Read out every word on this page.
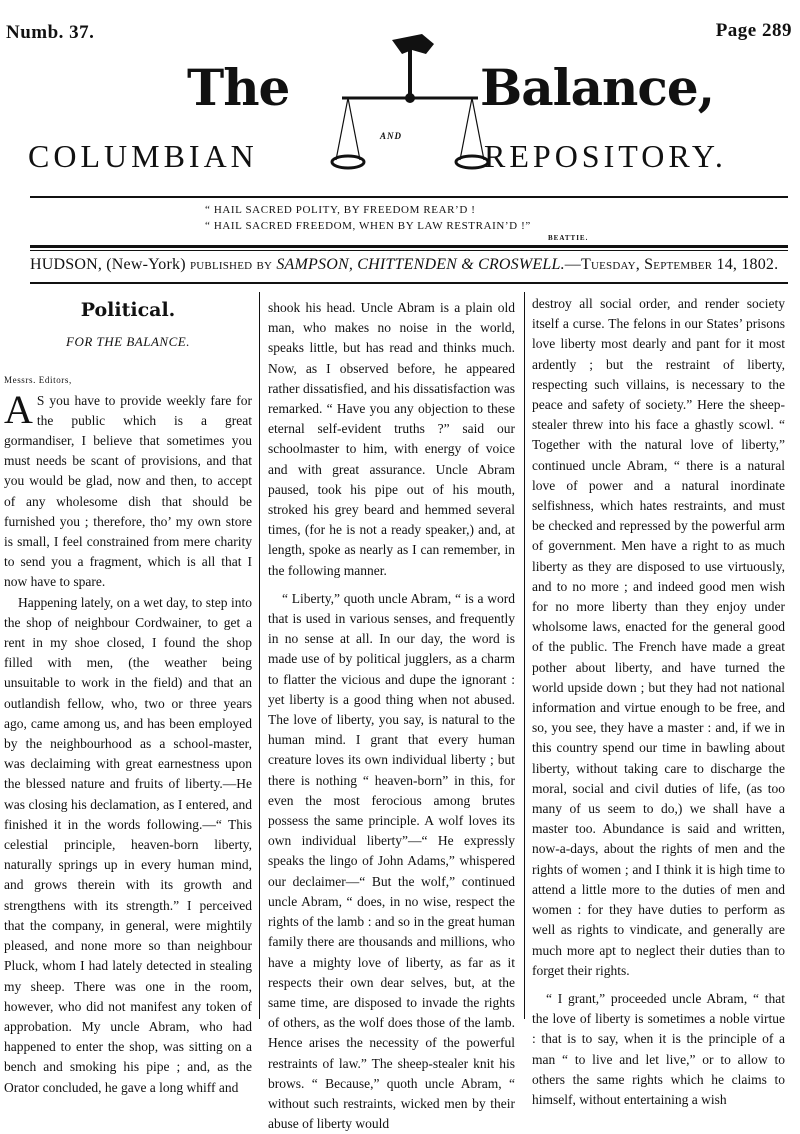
Numb. 37.	Page 289
The	Balance,
AND
COLUMBIAN	REPOSITORY.
“ HAIL SACRED POLITY, BY FREEDOM REAR’D !
“ HAIL SACRED FREEDOM, WHEN BY LAW RESTRAIN’D !”
BEATTIE.
HUDSON, (New-York) published by SAMPSON, CHITTENDEN & CROSWELL.—Tuesday, September 14, 1802.
Political.
FOR THE BALANCE.
Messrs. Editors,

A S you have to provide weekly fare for the public which is a great gormandiser, I believe that sometimes you must needs be scant of provisions, and that you would be glad, now and then, to accept of any wholesome dish that should be furnished you ; therefore, tho’ my own store is small, I feel constrained from mere charity to send you a fragment, which is all that I now have to spare.

Happening lately, on a wet day, to step into the shop of neighbour Cordwainer, to get a rent in my shoe closed, I found the shop filled with men, (the weather being unsuitable to work in the field) and that an outlandish fellow, who, two or three years ago, came among us, and has been employed by the neighbourhood as a school-master, was declaiming with great earnestness upon the blessed nature and fruits of liberty.—He was closing his declamation, as I entered, and finished it in the words following.—“ This celestial principle, heaven-born liberty, naturally springs up in every human mind, and grows therein with its growth and strengthens with its strength.” I perceived that the company, in general, were mightily pleased, and none more so than neighbour Pluck, whom I had lately detected in stealing my sheep. There was one in the room, however, who did not manifest any token of approbation. My uncle Abram, who had happened to enter the shop, was sitting on a bench and smoking his pipe ; and, as the Orator concluded, he gave a long whiff and

shook his head. Uncle Abram is a plain old man, who makes no noise in the world, speaks little, but has read and thinks much. Now, as I observed before, he appeared rather dissatisfied, and his dissatisfaction was remarked. “ Have you any objection to these eternal self-evident truths ?” said our schoolmaster to him, with energy of voice and with great assurance. Uncle Abram paused, took his pipe out of his mouth, stroked his grey beard and hemmed several times, (for he is not a ready speaker,) and, at length, spoke as nearly as I can remember, in the following manner.

“ Liberty,” quoth uncle Abram, “ is a word that is used in various senses, and frequently in no sense at all. In our day, the word is made use of by political jugglers, as a charm to flatter the vicious and dupe the ignorant : yet liberty is a good thing when not abused. The love of liberty, you say, is natural to the human mind. I grant that every human creature loves its own individual liberty ; but there is nothing “ heaven-born” in this, for even the most ferocious among brutes possess the same principle. A wolf loves its own individual liberty”—“ He expressly speaks the lingo of John Adams,” whispered our declaimer—“ But the wolf,” continued uncle Abram, “ does, in no wise, respect the rights of the lamb : and so in the great human family there are thousands and millions, who have a mighty love of liberty, as far as it respects their own dear selves, but, at the same time, are disposed to invade the rights of others, as the wolf does those of the lamb. Hence arises the necessity of the powerful restraints of law.” The sheep-stealer knit his brows. “ Because,” quoth uncle Abram, “ without such restraints, wicked men by their abuse of liberty would

destroy all social order, and render society itself a curse. The felons in our States’ prisons love liberty most dearly and pant for it most ardently ; but the restraint of liberty, respecting such villains, is necessary to the peace and safety of society.” Here the sheep-stealer threw into his face a ghastly scowl. “ Together with the natural love of liberty,” continued uncle Abram, “ there is a natural love of power and a natural inordinate selfishness, which hates restraints, and must be checked and repressed by the powerful arm of government. Men have a right to as much liberty as they are disposed to use virtuously, and to no more ; and indeed good men wish for no more liberty than they enjoy under wholsome laws, enacted for the general good of the public. The French have made a great pother about liberty, and have turned the world upside down ; but they had not national information and virtue enough to be free, and so, you see, they have a master : and, if we in this country spend our time in bawling about liberty, without taking care to discharge the moral, social and civil duties of life, (as too many of us seem to do,) we shall have a master too. Abundance is said and written, now-a-days, about the rights of men and the rights of women ; and I think it is high time to attend a little more to the duties of men and women : for they have duties to perform as well as rights to vindicate, and generally are much more apt to neglect their duties than to forget their rights.

“ I grant,” proceeded uncle Abram, “ that the love of liberty is sometimes a noble virtue : that is to say, when it is the principle of a man “ to live and let live,” or to allow to others the same rights which he claims to himself, without entertaining a wish
